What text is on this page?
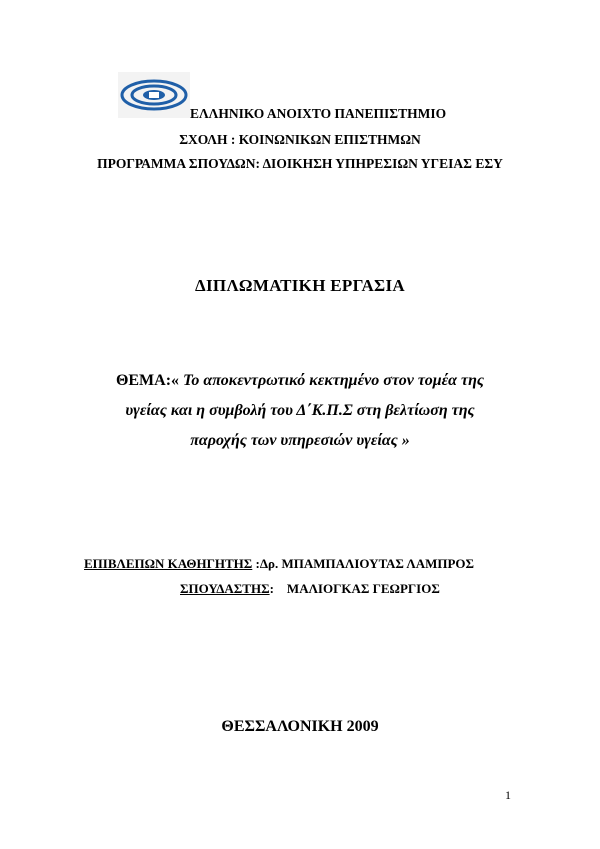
ΕΛΛΗΝΙΚΟ ΑΝΟΙΧΤΟ ΠΑΝΕΠΙΣΤΗΜΙΟ
ΣΧΟΛΗ : ΚΟΙΝΩΝΙΚΩΝ ΕΠΙΣΤΗΜΩΝ
ΠΡΟΓΡΑΜΜΑ ΣΠΟΥΔΩΝ: ΔΙΟΙΚΗΣΗ ΥΠΗΡΕΣΙΩΝ ΥΓΕΙΑΣ ΕΣΥ
ΔΙΠΛΩΜΑΤΙΚΗ ΕΡΓΑΣΙΑ
ΘΕΜΑ:« Το αποκεντρωτικό κεκτημένο στον τομέα της
υγείας και η συμβολή του Δ΄Κ.Π.Σ στη βελτίωση της
παροχής των υπηρεσιών υγείας »
ΕΠΙΒΛΕΠΩΝ ΚΑΘΗΓΗΤΗΣ :Δρ. ΜΠΑΜΠΑΛΙΟΥΤΑΣ ΛΑΜΠΡΟΣ
ΣΠΟΥΔΑΣΤΗΣ:    ΜΑΛΙΟΓΚΑΣ ΓΕΩΡΓΙΟΣ
ΘΕΣΣΑΛΟΝΙΚΗ 2009
1
